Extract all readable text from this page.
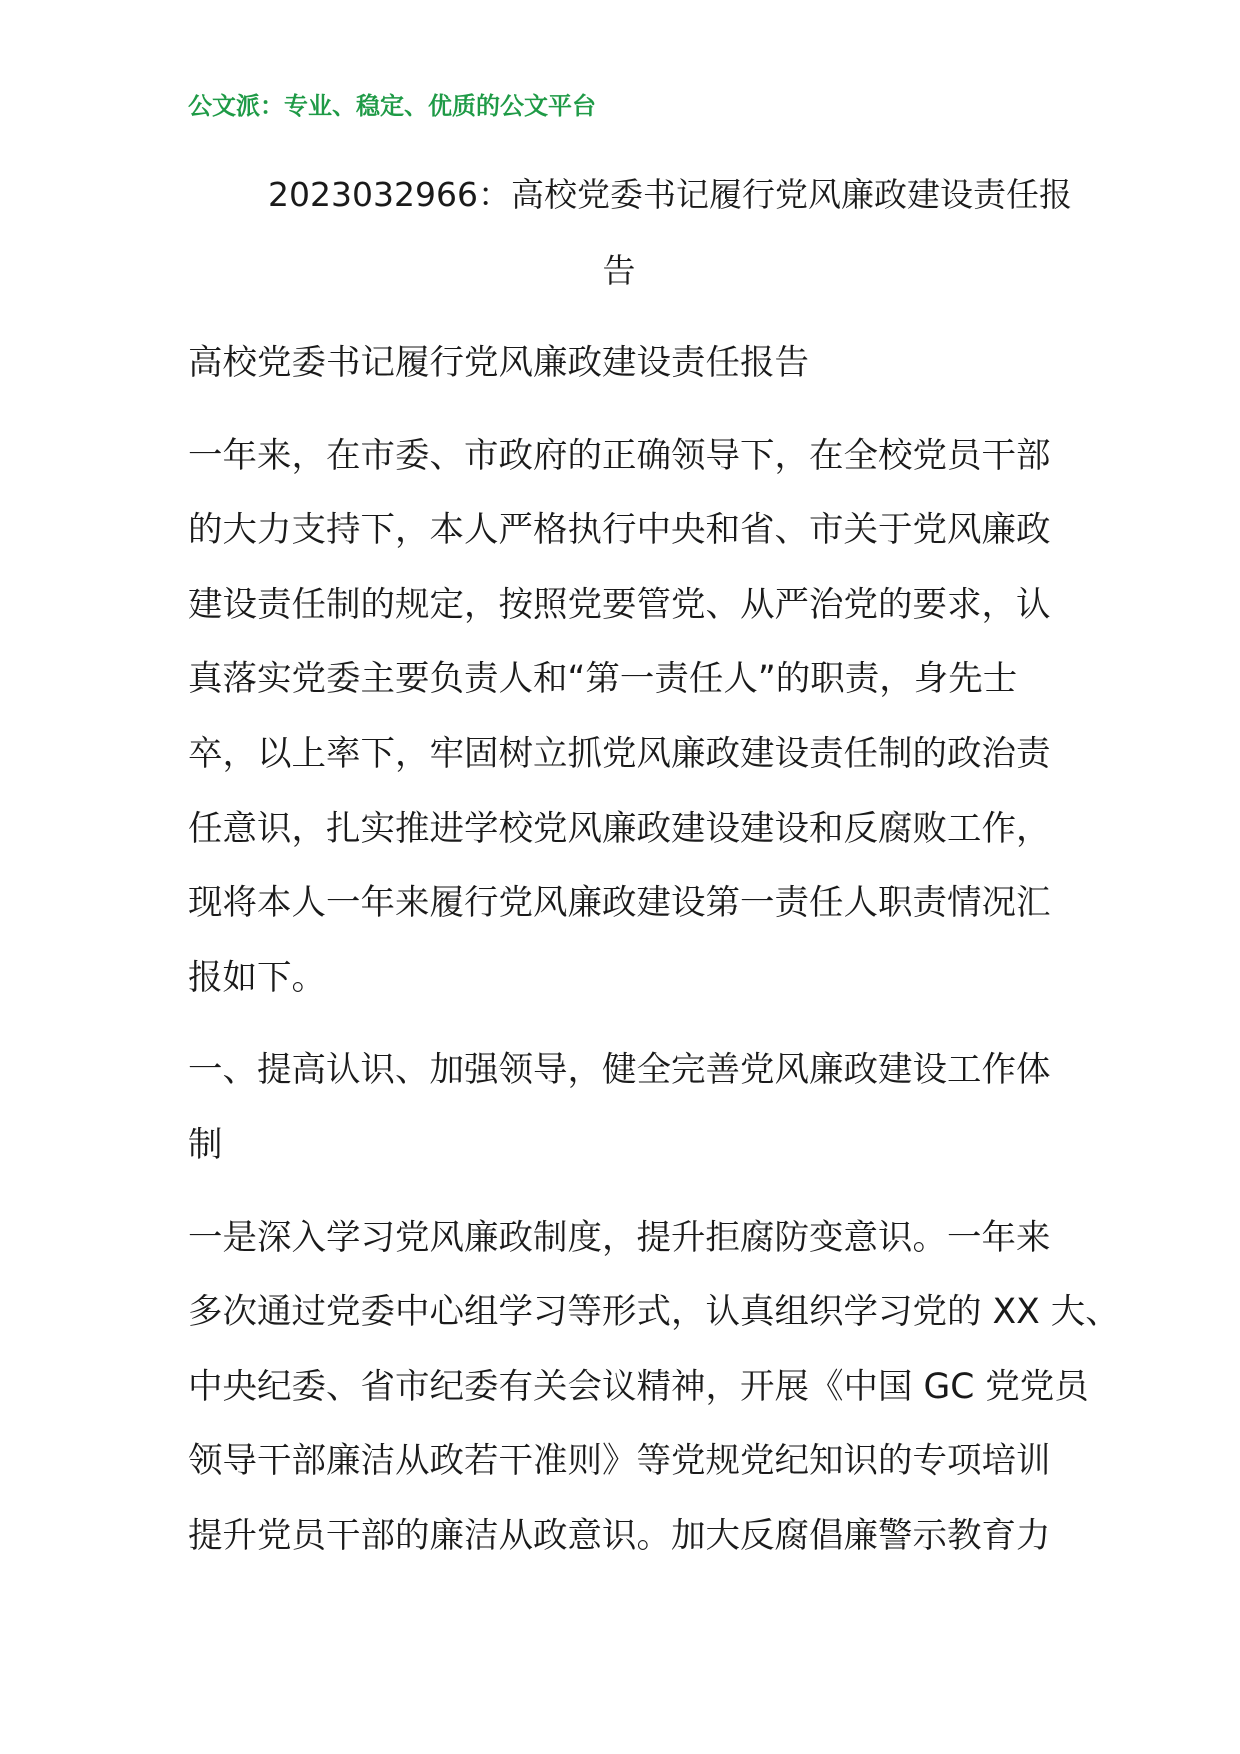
公文派：专业、稳定、优质的公文平台
2023032966：高校党委书记履行党风廉政建设责任报
告
高校党委书记履行党风廉政建设责任报告
一年来，在市委、市政府的正确领导下，在全校党员干部
的大力支持下，本人严格执行中央和省、市关于党风廉政
建设责任制的规定，按照党要管党、从严治党的要求，认
真落实党委主要负责人和“第一责任人”的职责，身先士
卒，以上率下，牢固树立抓党风廉政建设责任制的政治责
任意识，扎实推进学校党风廉政建设建设和反腐败工作，
现将本人一年来履行党风廉政建设第一责任人职责情况汇
报如下。
一、提高认识、加强领导，健全完善党风廉政建设工作体
制
一是深入学习党风廉政制度，提升拒腐防变意识。一年来
多次通过党委中心组学习等形式，认真组织学习党的 XX 大、
中央纪委、省市纪委有关会议精神，开展《中国 GC 党党员
领导干部廉洁从政若干准则》等党规党纪知识的专项培训
提升党员干部的廉洁从政意识。加大反腐倡廉警示教育力
